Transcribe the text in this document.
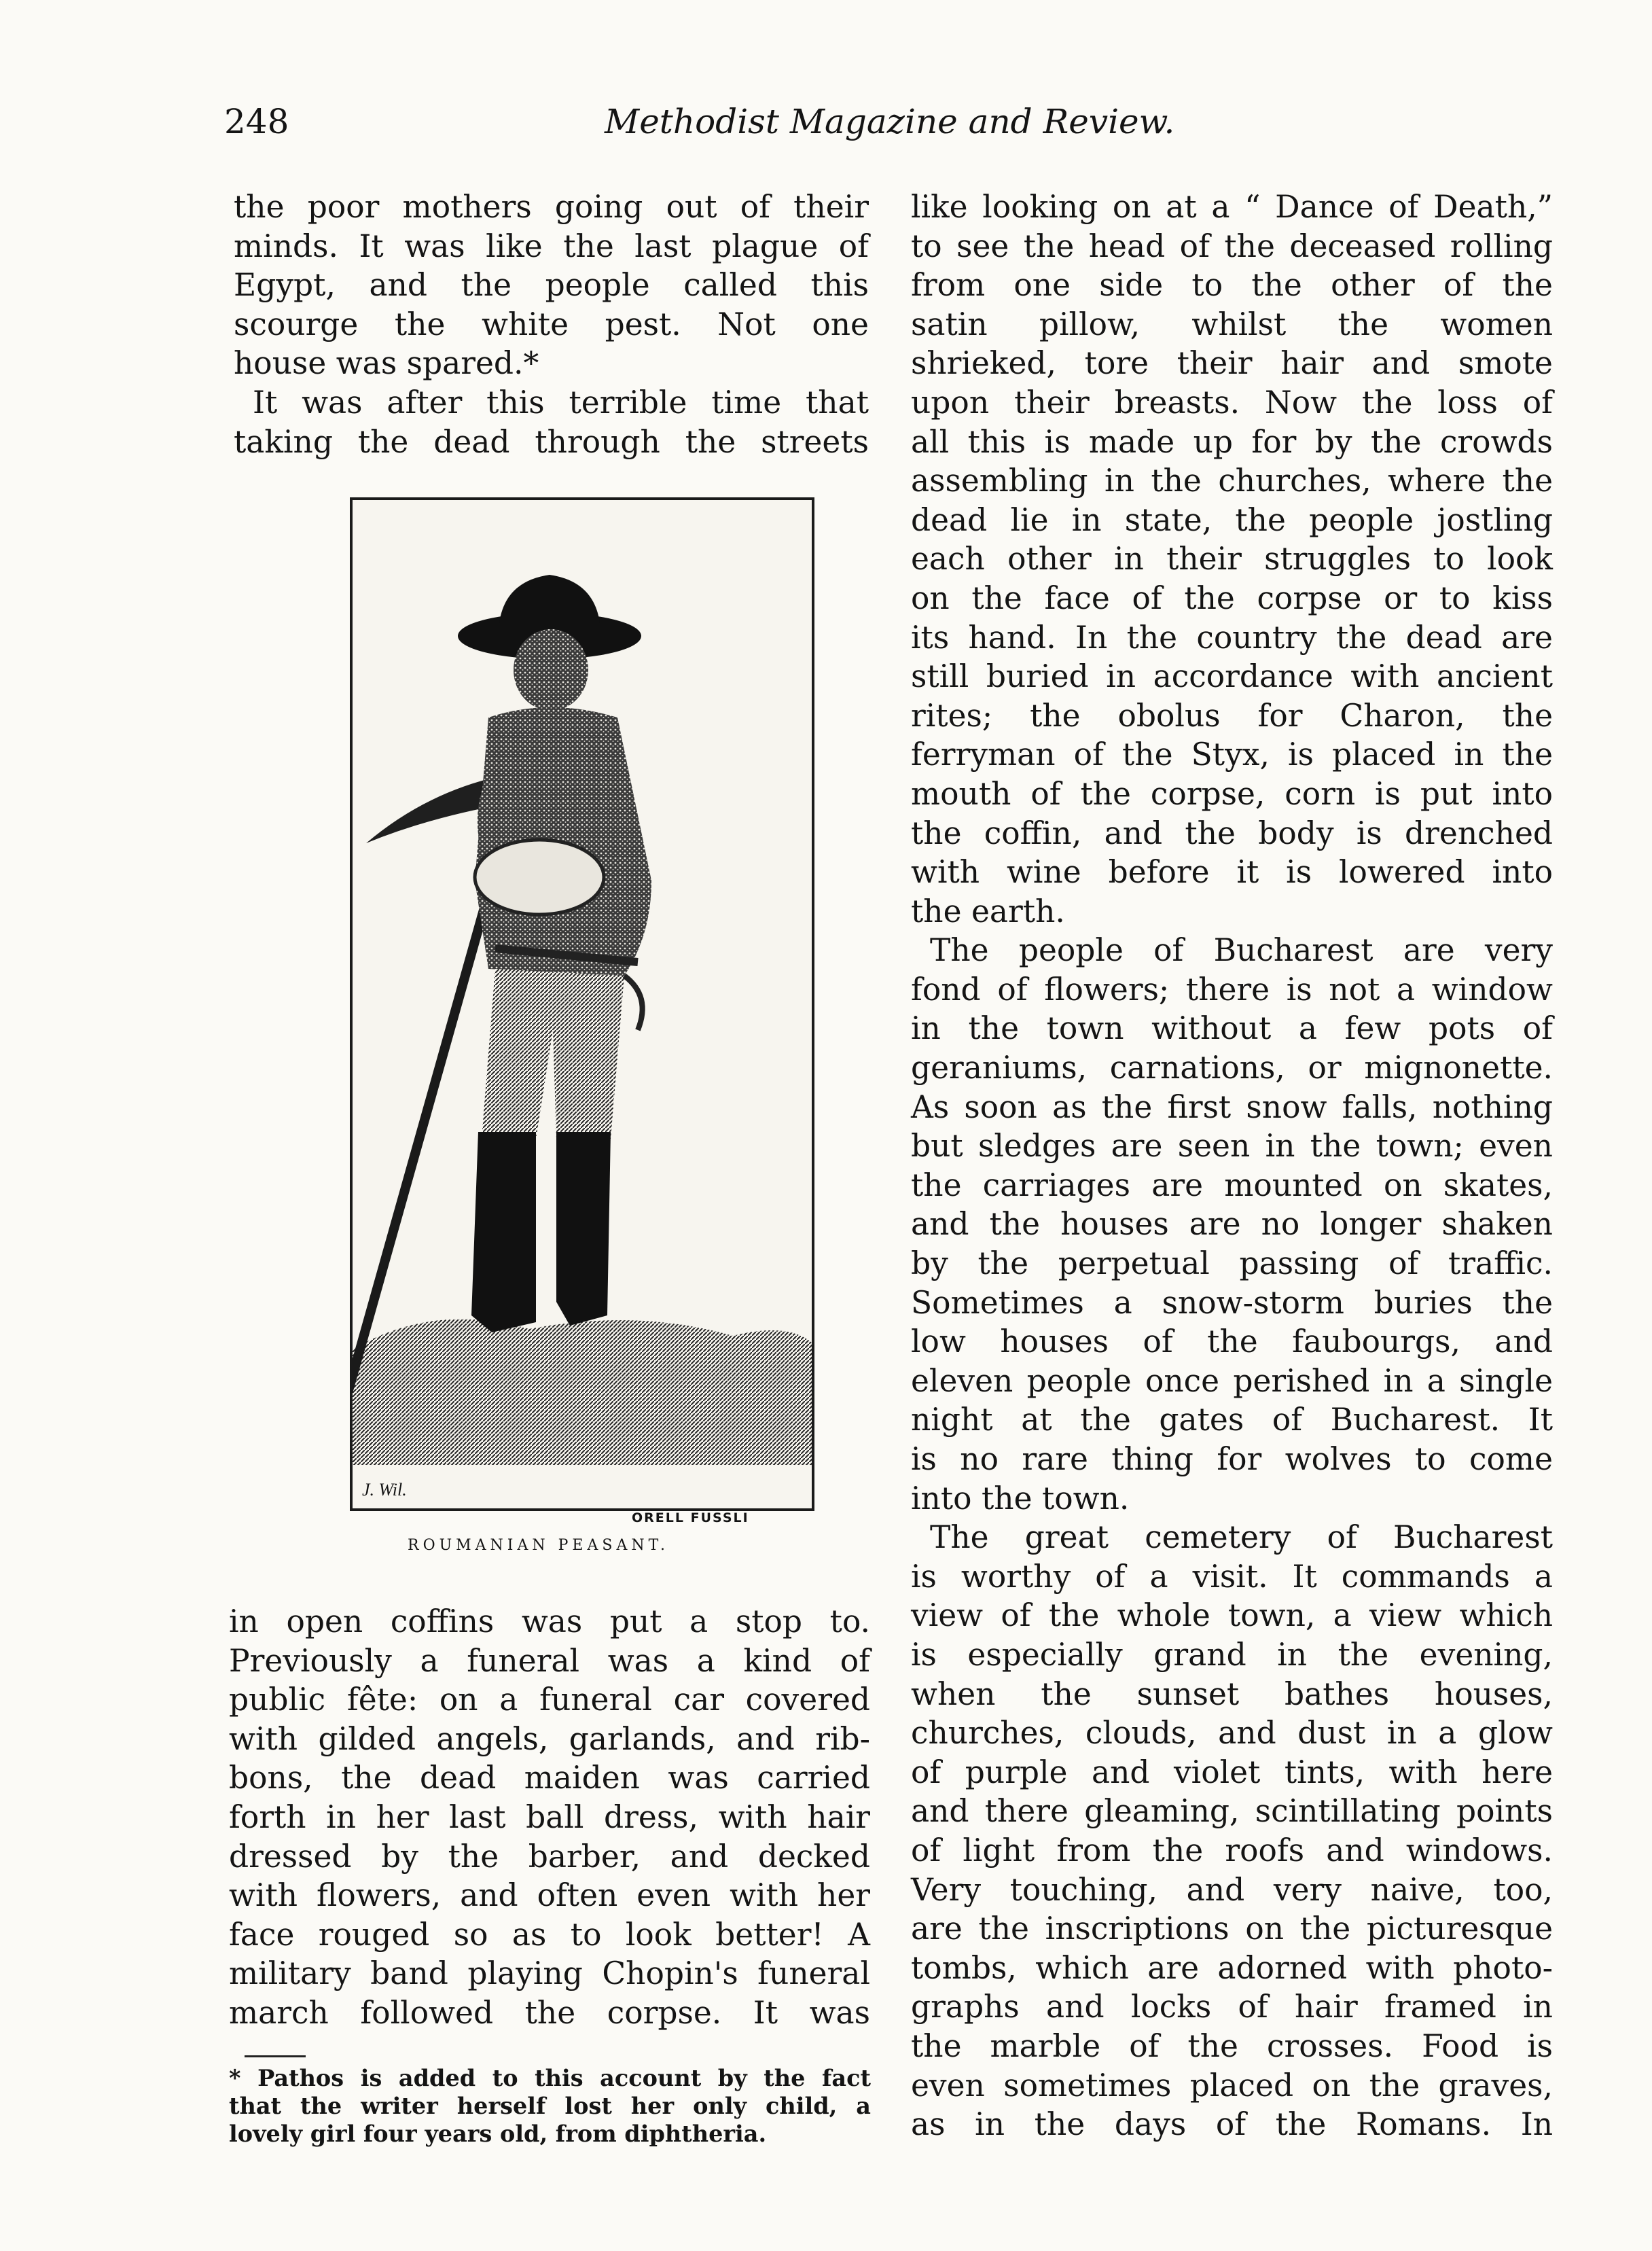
248	Methodist Magazine and Review.

the poor mothers going out of their

minds. It was like the last plague of

Egypt, and the people called this

scourge the white pest. Not one

house was spared.*

It was after this terrible time that

taking the dead through the streets

J. Wil.
ORELL FUSSLI
ROUMANIAN PEASANT.

in open coffins was put a stop to.

Previously a funeral was a kind of

public fête: on a funeral car covered

with gilded angels, garlands, and rib-

bons, the dead maiden was carried

forth in her last ball dress, with hair

dressed by the barber, and decked

with flowers, and often even with her

face rouged so as to look better! A

military band playing Chopin's funeral

march followed the corpse. It was

* Pathos is added to this account by the fact

that the writer herself lost her only child, a

lovely girl four years old, from diphtheria.

like looking on at a “ Dance of Death,”

to see the head of the deceased rolling

from one side to the other of the

satin pillow, whilst the women

shrieked, tore their hair and smote

upon their breasts. Now the loss of

all this is made up for by the crowds

assembling in the churches, where the

dead lie in state, the people jostling

each other in their struggles to look

on the face of the corpse or to kiss

its hand. In the country the dead are

still buried in accordance with ancient

rites; the obolus for Charon, the

ferryman of the Styx, is placed in the

mouth of the corpse, corn is put into

the coffin, and the body is drenched

with wine before it is lowered into

the earth.

The people of Bucharest are very

fond of flowers; there is not a window

in the town without a few pots of

geraniums, carnations, or mignonette.

As soon as the first snow falls, nothing

but sledges are seen in the town; even

the carriages are mounted on skates,

and the houses are no longer shaken

by the perpetual passing of traffic.

Sometimes a snow-storm buries the

low houses of the faubourgs, and

eleven people once perished in a single

night at the gates of Bucharest. It

is no rare thing for wolves to come

into the town.

The great cemetery of Bucharest

is worthy of a visit. It commands a

view of the whole town, a view which

is especially grand in the evening,

when the sunset bathes houses,

churches, clouds, and dust in a glow

of purple and violet tints, with here

and there gleaming, scintillating points

of light from the roofs and windows.

Very touching, and very naive, too,

are the inscriptions on the picturesque

tombs, which are adorned with photo-

graphs and locks of hair framed in

the marble of the crosses. Food is

even sometimes placed on the graves,

as in the days of the Romans. In
